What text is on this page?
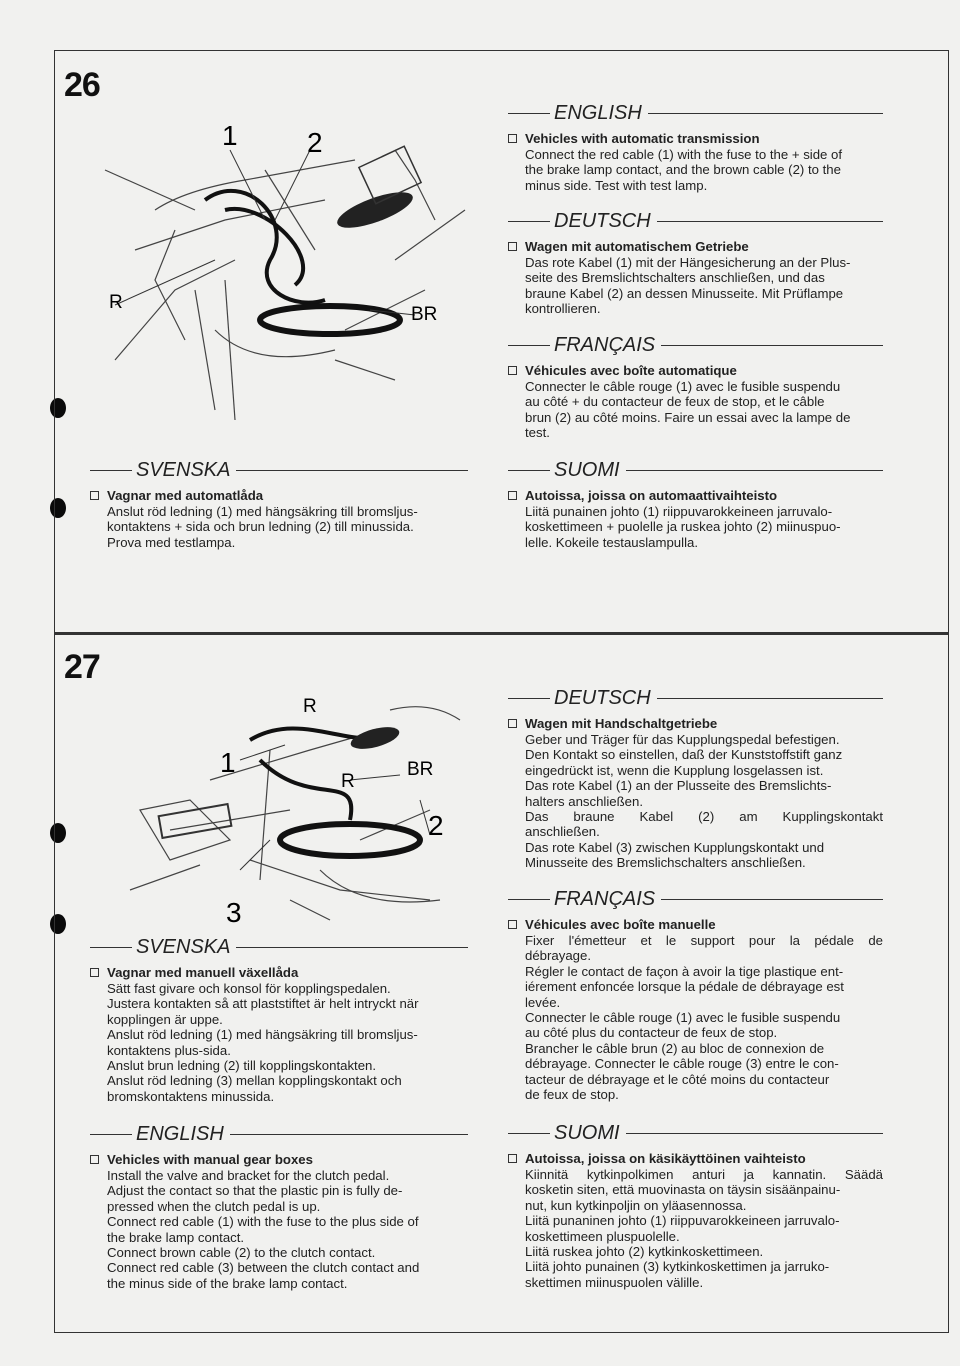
26
1 2
R
BR
ENGLISH
Vehicles with automatic transmission

Connect the red cable (1) with the fuse to the + side of

the brake lamp contact, and the brown cable (2) to the

minus side. Test with test lamp.

DEUTSCH
Wagen mit automatischem Getriebe

Das rote Kabel (1) mit der Hängesicherung an der Plus-

seite des Bremslichtschalters anschließen, und das

braune Kabel (2) an dessen Minusseite. Mit Prüflampe

kontrollieren.

FRANÇAIS
Véhicules avec boîte automatique

Connecter le câble rouge (1) avec le fusible suspendu

au côté + du contacteur de feux de stop, et le câble

brun (2) au côté moins. Faire un essai avec la lampe de

test.

SVENSKA
Vagnar med automatlåda

Anslut röd ledning (1) med hängsäkring till bromslјus-

kontaktens + sida och brun ledning (2) till minussida.

Prova med testlampa.

SUOMI
Autoissa, joissa on automaattivaihteisto

Liitä punainen johto (1) riippuvarokkeineen jarruvalo-

koskettimeen + puolelle ja ruskea johto (2) miinuspuo-

lelle. Kokeile testauslampulla.

27
1
2
3
R
R
BR
DEUTSCH
Wagen mit Handschaltgetriebe

Geber und Träger für das Kupplungspedal befestigen.

Den Kontakt so einstellen, daß der Kunststoffstift ganz

eingedrückt ist, wenn die Kupplung losgelassen ist.

Das rote Kabel (1) an der Plusseite des Bremslichts-

halters anschließen.

Das braune Kabel (2) am Kupplingskontakt

anschließen.

Das rote Kabel (3) zwischen Kupplungskontakt und

Minusseite des Bremslichschalters anschließen.

FRANÇAIS
Véhicules avec boîte manuelle

Fixer l'émetteur et le support pour la pédale de

débrayage.

Régler le contact de façon à avoir la tige plastique ent-

iérement enfoncée lorsque la pédale de débrayage est

levée.

Connecter le câble rouge (1) avec le fusible suspendu

au côté plus du contacteur de feux de stop.

Brancher le câble brun (2) au bloc de connexion de

débrayage. Connecter le câble rouge (3) entre le con-

tacteur de débrayage et le côté moins du contacteur

de feux de stop.

SVENSKA
Vagnar med manuell växellåda

Sätt fast givare och konsol för kopplingspedalen.

Justera kontakten så att plaststiftet är helt intryckt när

kopplingen är uppe.

Anslut röd ledning (1) med hängsäkring till bromslјus-

kontaktens plus-sida.

Anslut brun ledning (2) till kopplingskontakten.

Anslut röd ledning (3) mellan kopplingskontakt och

bromskontaktens minussida.

ENGLISH
Vehicles with manual gear boxes

Install the valve and bracket for the clutch pedal.

Adjust the contact so that the plastic pin is fully de-

pressed when the clutch pedal is up.

Connect red cable (1) with the fuse to the plus side of

the brake lamp contact.

Connect brown cable (2) to the clutch contact.

Connect red cable (3) between the clutch contact and

the minus side of the brake lamp contact.

SUOMI
Autoissa, joissa on käsikäyttöinen vaihteisto

Kiinnitä kytkinpolkimen anturi ja kannatin. Säädä

kosketin siten, että muovinasta on täysin sisäänpainu-

nut, kun kytkinpoljin on yläasennossa.

Liitä punaninen johto (1) riippuvarokkeineen jarruvalo-

koskettimeen pluspuolelle.

Liitä ruskea johto (2) kytkinkoskettimeen.

Liitä johto punainen (3) kytkinkoskettimen ja jarruko-

skettimen miinuspuolen välille.
